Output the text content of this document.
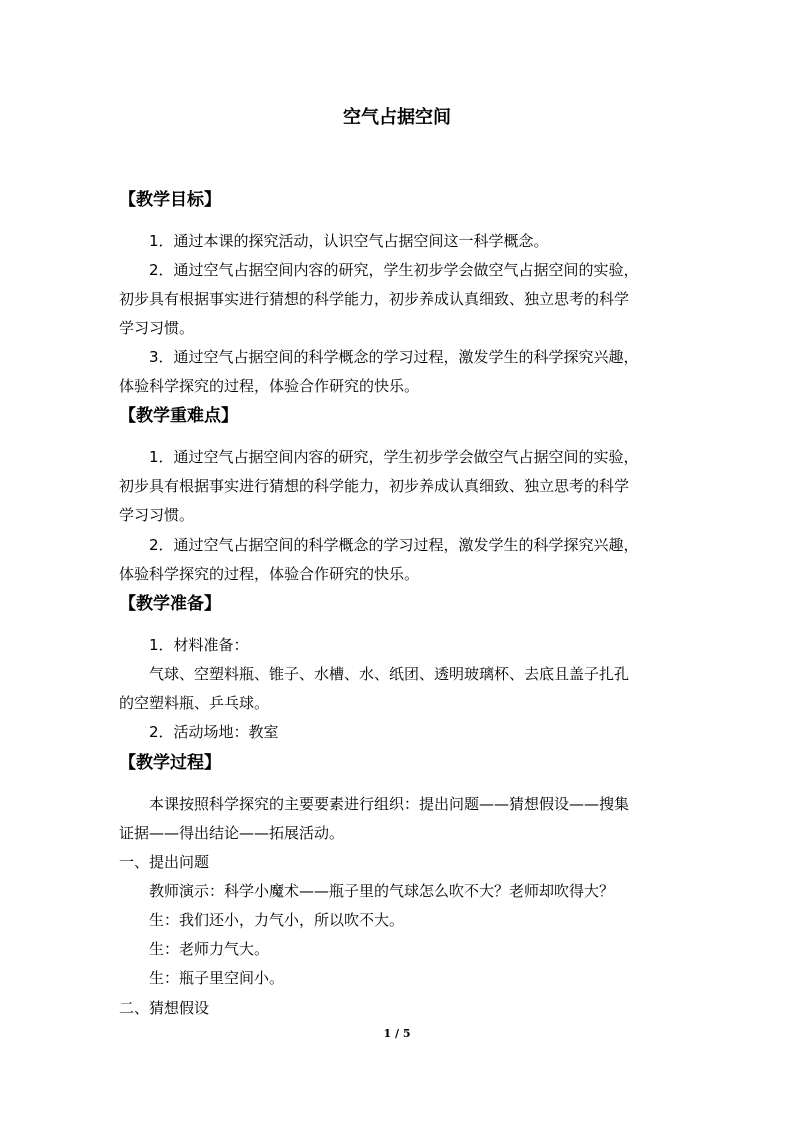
空气占据空间
【教学目标】
1．通过本课的探究活动，认识空气占据空间这一科学概念。
2．通过空气占据空间内容的研究，学生初步学会做空气占据空间的实验，
初步具有根据事实进行猜想的科学能力，初步养成认真细致、独立思考的科学
学习习惯。
3．通过空气占据空间的科学概念的学习过程，激发学生的科学探究兴趣，
体验科学探究的过程，体验合作研究的快乐。
【教学重难点】
1．通过空气占据空间内容的研究，学生初步学会做空气占据空间的实验，
初步具有根据事实进行猜想的科学能力，初步养成认真细致、独立思考的科学
学习习惯。
2．通过空气占据空间的科学概念的学习过程，激发学生的科学探究兴趣，
体验科学探究的过程，体验合作研究的快乐。
【教学准备】
1．材料准备：
气球、空塑料瓶、锥子、水槽、水、纸团、透明玻璃杯、去底且盖子扎孔
的空塑料瓶、乒乓球。
2．活动场地：教室
【教学过程】
本课按照科学探究的主要要素进行组织：提出问题——猜想假设——搜集
证据——得出结论——拓展活动。
一、提出问题
教师演示：科学小魔术——瓶子里的气球怎么吹不大？老师却吹得大？
生：我们还小，力气小，所以吹不大。
生：老师力气大。
生：瓶子里空间小。
二、猜想假设
1 / 5
